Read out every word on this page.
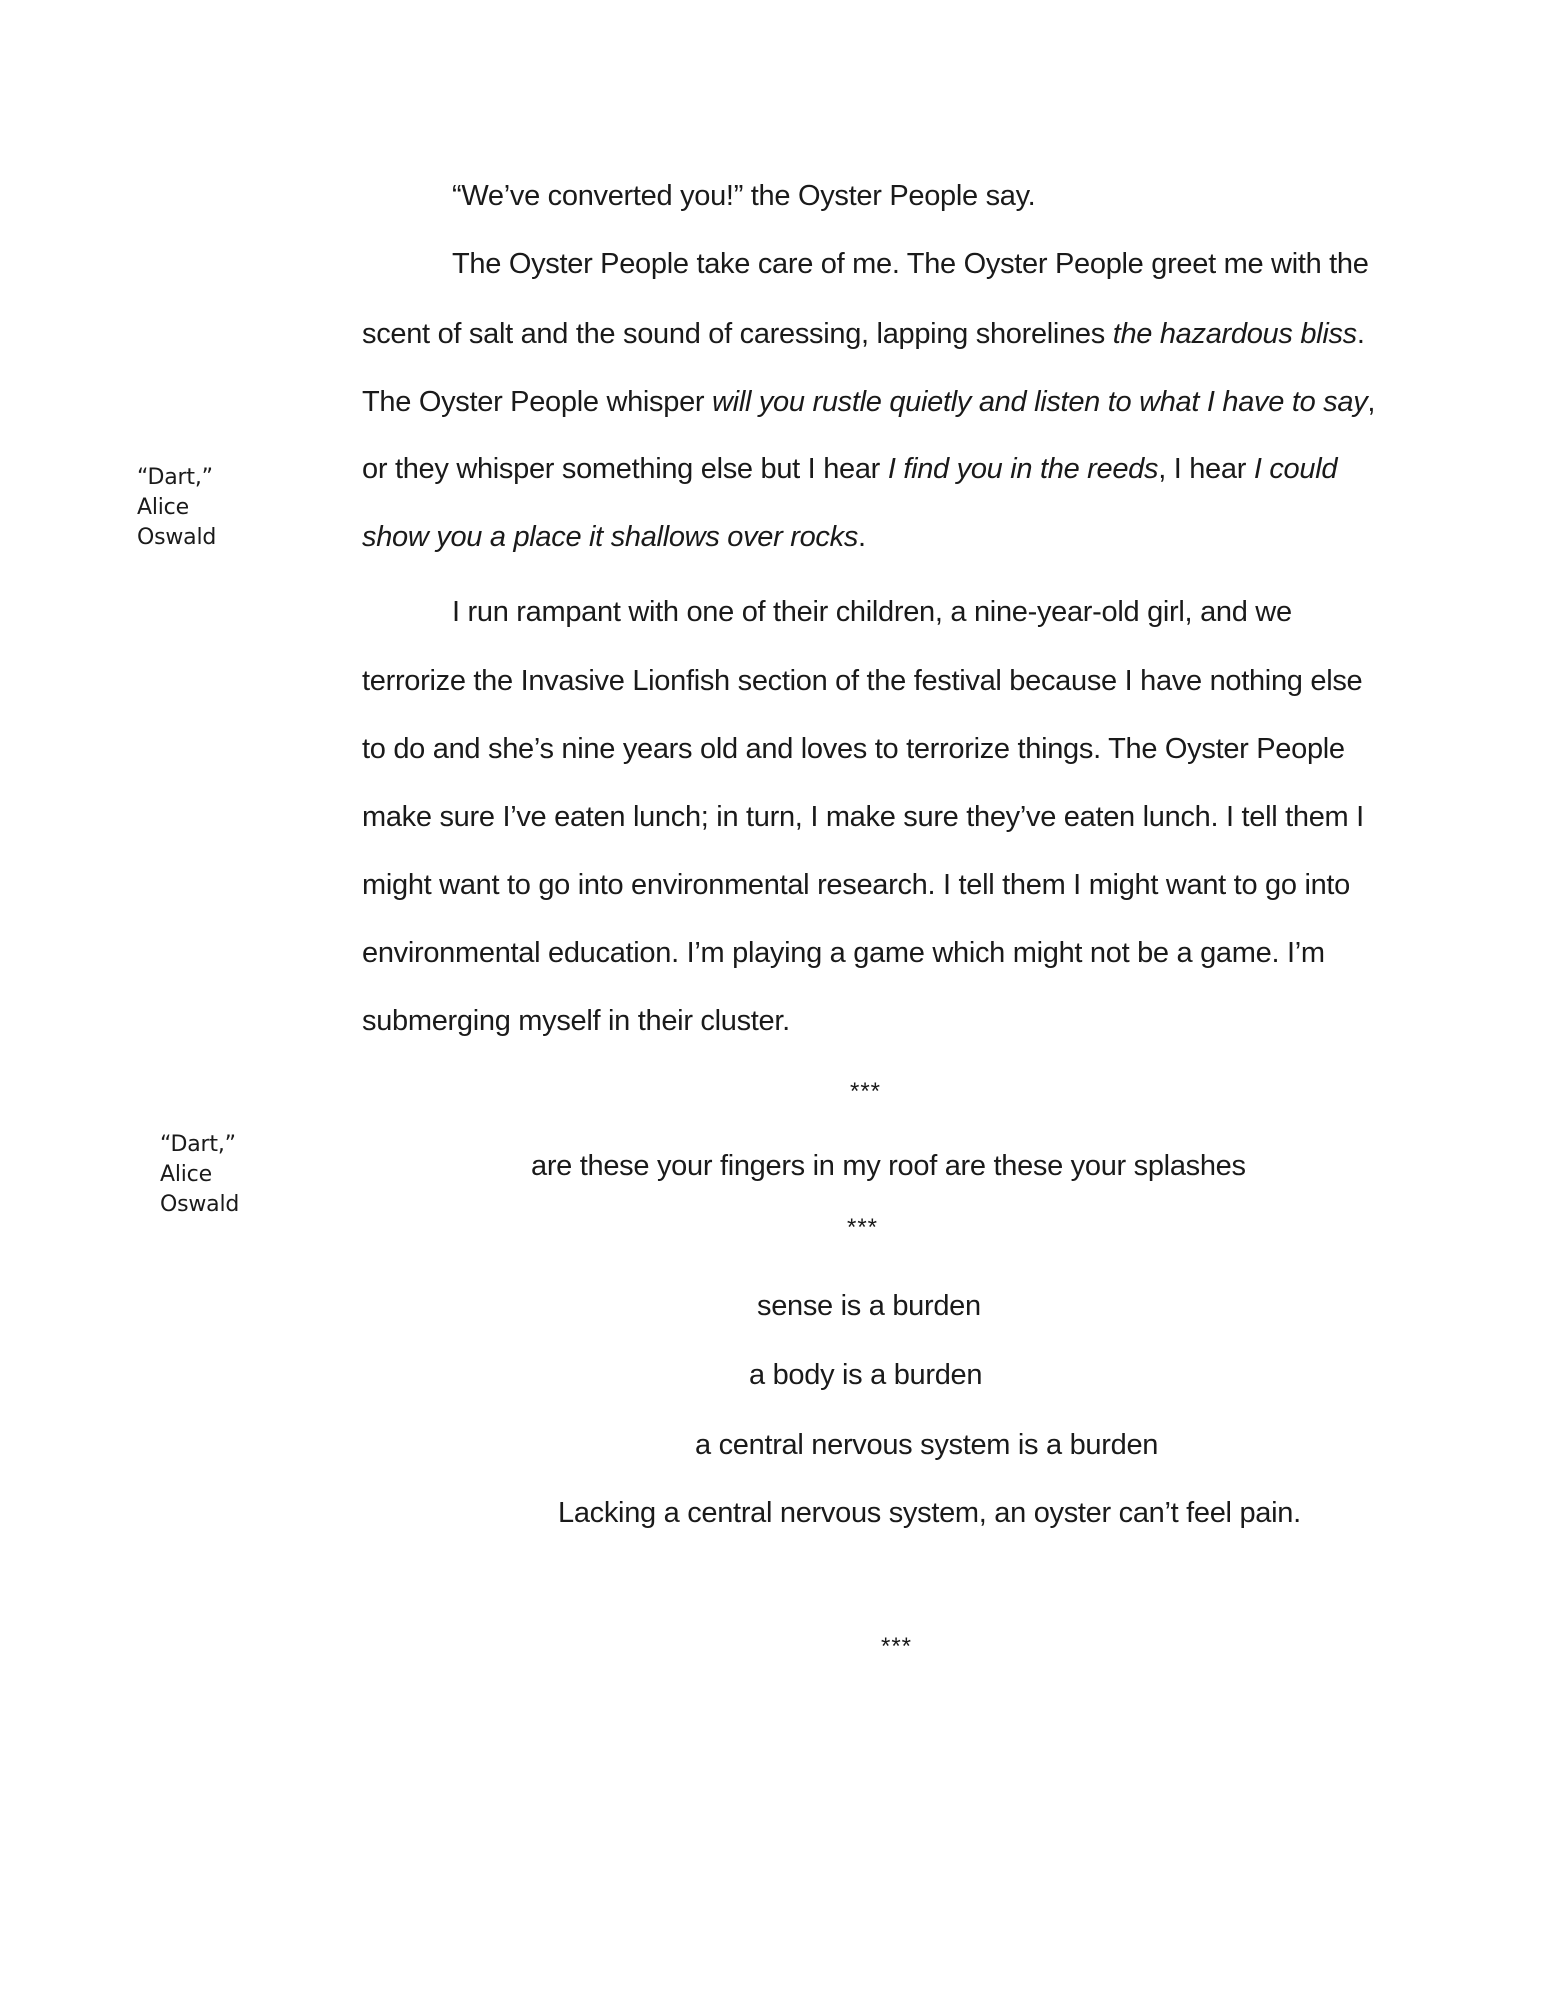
“We’ve converted you!” the Oyster People say.
The Oyster People take care of me. The Oyster People greet me with the
scent of salt and the sound of caressing, lapping shorelines the hazardous bliss.
The Oyster People whisper will you rustle quietly and listen to what I have to say,
or they whisper something else but I hear I find you in the reeds, I hear I could
show you a place it shallows over rocks.
“Dart,”
Alice
Oswald
I run rampant with one of their children, a nine-year-old girl, and we
terrorize the Invasive Lionfish section of the festival because I have nothing else
to do and she’s nine years old and loves to terrorize things. The Oyster People
make sure I’ve eaten lunch; in turn, I make sure they’ve eaten lunch. I tell them I
might want to go into environmental research. I tell them I might want to go into
environmental education. I’m playing a game which might not be a game. I’m
submerging myself in their cluster.
***
“Dart,”
Alice
Oswald
are these your fingers in my roof are these your splashes
***
sense is a burden
a body is a burden
a central nervous system is a burden
Lacking a central nervous system, an oyster can’t feel pain.
***
